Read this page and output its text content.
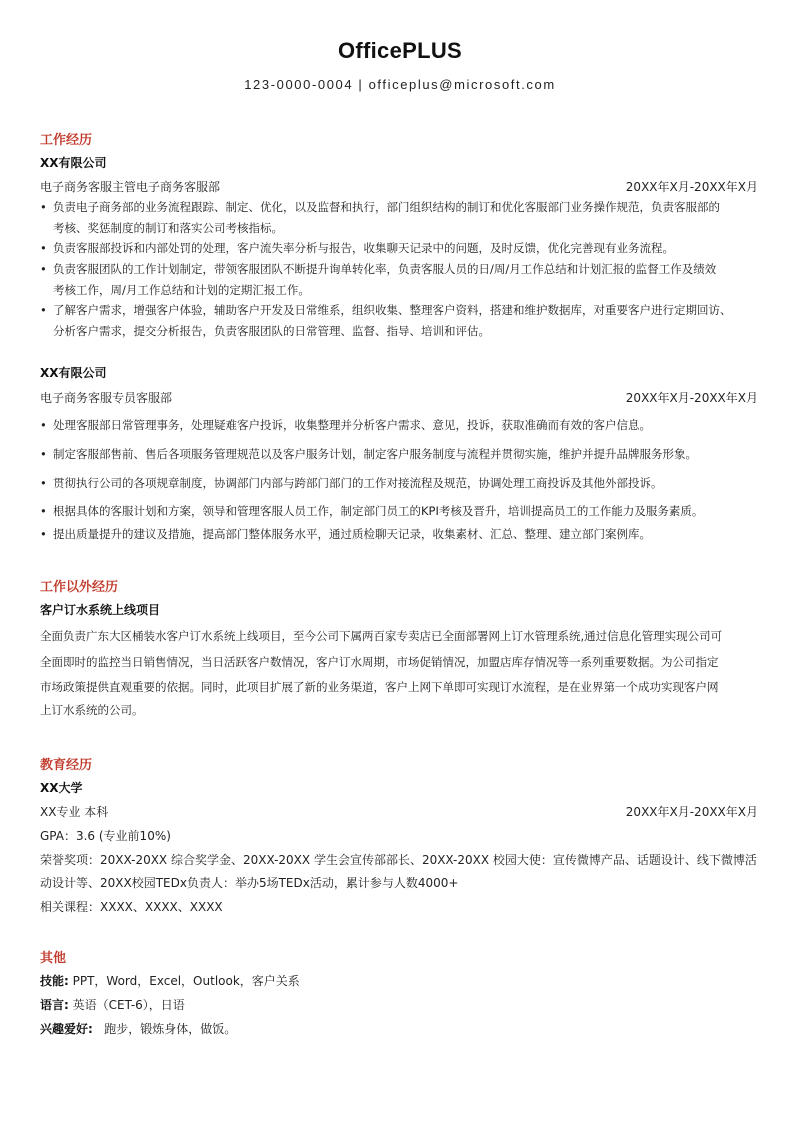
OfficePLUS
123-0000-0004 | officeplus@microsoft.com
工作经历
XX有限公司
电子商务客服主管电子商务客服部	20XX年X月-20XX年X月
• 负责电子商务部的业务流程跟踪、制定、优化，以及监督和执行，部门组织结构的制订和优化客服部门业务操作规范，负责客服部的
考核、奖惩制度的制订和落实公司考核指标。
• 负责客服部投诉和内部处罚的处理，客户流失率分析与报告，收集聊天记录中的问题，及时反馈，优化完善现有业务流程。
• 负责客服团队的工作计划制定，带领客服团队不断提升询单转化率，负责客服人员的日/周/月工作总结和计划汇报的监督工作及绩效
考核工作，周/月工作总结和计划的定期汇报工作。
• 了解客户需求，增强客户体验，辅助客户开发及日常维系，组织收集、整理客户资料，搭建和维护数据库，对重要客户进行定期回访、
分析客户需求，提交分析报告，负责客服团队的日常管理、监督、指导、培训和评估。
XX有限公司
电子商务客服专员客服部	20XX年X月-20XX年X月
• 处理客服部日常管理事务，处理疑难客户投诉，收集整理并分析客户需求、意见，投诉，获取准确而有效的客户信息。
• 制定客服部售前、售后各项服务管理规范以及客户服务计划，制定客户服务制度与流程并贯彻实施，维护并提升品牌服务形象。
• 贯彻执行公司的各项规章制度，协调部门内部与跨部门部门的工作对接流程及规范，协调处理工商投诉及其他外部投诉。
• 根据具体的客服计划和方案，领导和管理客服人员工作，制定部门员工的KPI考核及晋升，培训提高员工的工作能力及服务素质。
• 提出质量提升的建议及措施，提高部门整体服务水平，通过质检聊天记录，收集素材、汇总、整理、建立部门案例库。
工作以外经历
客户订水系统上线项目
全面负责广东大区桶装水客户订水系统上线项目，至今公司下属两百家专卖店已全面部署网上订水管理系统,通过信息化管理实现公司可
全面即时的监控当日销售情况，当日活跃客户数情况，客户订水周期，市场促销情况，加盟店库存情况等一系列重要数据。为公司指定
市场政策提供直观重要的依据。同时，此项目扩展了新的业务渠道，客户上网下单即可实现订水流程，是在业界第一个成功实现客户网
上订水系统的公司。
教育经历
XX大学
XX专业 本科	20XX年X月-20XX年X月
GPA：3.6 (专业前10%)
荣誉奖项：20XX-20XX 综合奖学金、20XX-20XX 学生会宣传部部长、20XX-20XX 校园大使：宣传微博产品、话题设计、线下微博活
动设计等、20XX校园TEDx负责人：举办5场TEDx活动，累计参与人数4000+
相关课程：XXXX、XXXX、XXXX
其他
技能: PPT，Word，Excel，Outlook，客户关系
语言: 英语（CET-6），日语
兴趣爱好:   跑步，锻炼身体，做饭。
